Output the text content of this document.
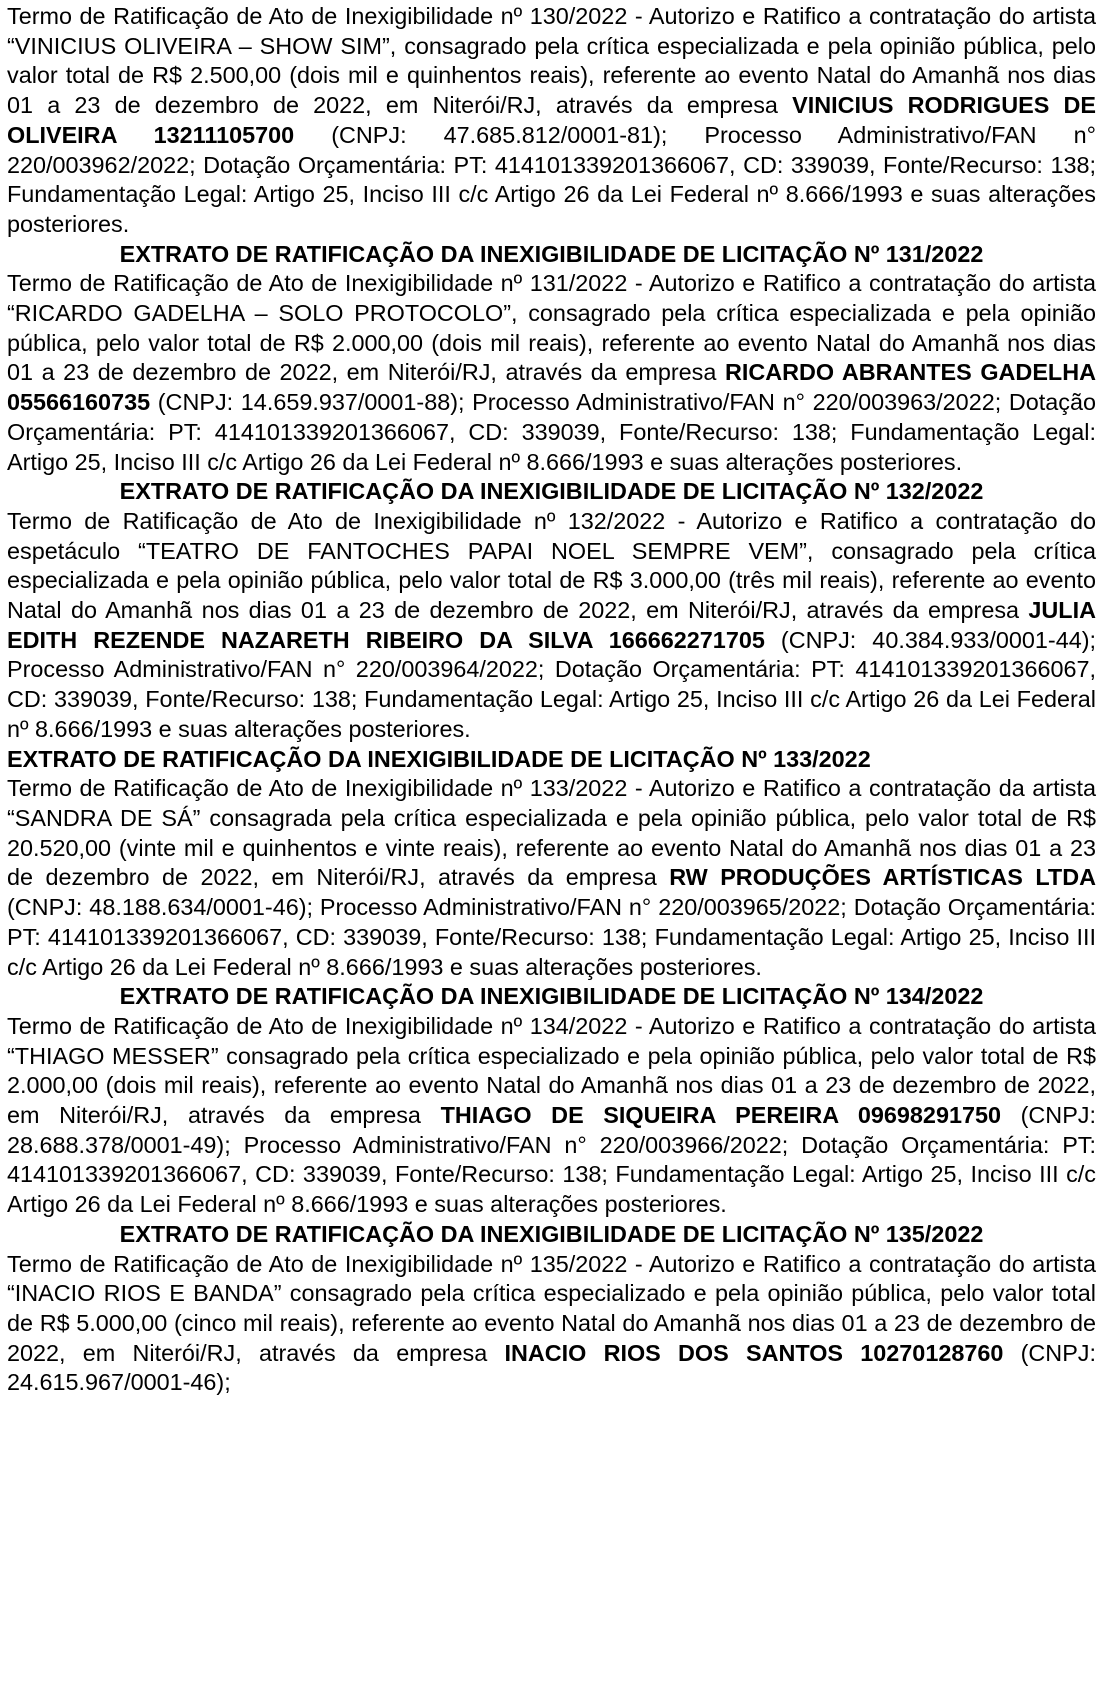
Termo de Ratificação de Ato de Inexigibilidade nº 130/2022 - Autorizo e Ratifico a contratação do artista “VINICIUS OLIVEIRA – SHOW SIM”, consagrado pela crítica especializada e pela opinião pública, pelo valor total de R$ 2.500,00 (dois mil e quinhentos reais), referente ao evento Natal do Amanhã nos dias 01 a 23 de dezembro de 2022, em Niterói/RJ, através da empresa VINICIUS RODRIGUES DE OLIVEIRA 13211105700 (CNPJ: 47.685.812/0001-81); Processo Administrativo/FAN n° 220/003962/2022; Dotação Orçamentária: PT: 414101339201366067, CD: 339039, Fonte/Recurso: 138; Fundamentação Legal: Artigo 25, Inciso III c/c Artigo 26 da Lei Federal nº 8.666/1993 e suas alterações posteriores.

EXTRATO DE RATIFICAÇÃO DA INEXIGIBILIDADE DE LICITAÇÃO Nº 131/2022

Termo de Ratificação de Ato de Inexigibilidade nº 131/2022 - Autorizo e Ratifico a contratação do artista “RICARDO GADELHA – SOLO PROTOCOLO”, consagrado pela crítica especializada e pela opinião pública, pelo valor total de R$ 2.000,00 (dois mil reais), referente ao evento Natal do Amanhã nos dias 01 a 23 de dezembro de 2022, em Niterói/RJ, através da empresa RICARDO ABRANTES GADELHA 05566160735 (CNPJ: 14.659.937/0001-88); Processo Administrativo/FAN n° 220/003963/2022; Dotação Orçamentária: PT: 414101339201366067, CD: 339039, Fonte/Recurso: 138; Fundamentação Legal: Artigo 25, Inciso III c/c Artigo 26 da Lei Federal nº 8.666/1993 e suas alterações posteriores.

EXTRATO DE RATIFICAÇÃO DA INEXIGIBILIDADE DE LICITAÇÃO Nº 132/2022

Termo de Ratificação de Ato de Inexigibilidade nº 132/2022 - Autorizo e Ratifico a contratação do espetáculo “TEATRO DE FANTOCHES PAPAI NOEL SEMPRE VEM”, consagrado pela crítica especializada e pela opinião pública, pelo valor total de R$ 3.000,00 (três mil reais), referente ao evento Natal do Amanhã nos dias 01 a 23 de dezembro de 2022, em Niterói/RJ, através da empresa JULIA EDITH REZENDE NAZARETH RIBEIRO DA SILVA 166662271705 (CNPJ: 40.384.933/0001-44); Processo Administrativo/FAN n° 220/003964/2022; Dotação Orçamentária: PT: 414101339201366067, CD: 339039, Fonte/Recurso: 138; Fundamentação Legal: Artigo 25, Inciso III c/c Artigo 26 da Lei Federal nº 8.666/1993 e suas alterações posteriores.

EXTRATO DE RATIFICAÇÃO DA INEXIGIBILIDADE DE LICITAÇÃO Nº 133/2022

Termo de Ratificação de Ato de Inexigibilidade nº 133/2022 - Autorizo e Ratifico a contratação da artista “SANDRA DE SÁ” consagrada pela crítica especializada e pela opinião pública, pelo valor total de R$ 20.520,00 (vinte mil e quinhentos e vinte reais), referente ao evento Natal do Amanhã nos dias 01 a 23 de dezembro de 2022, em Niterói/RJ, através da empresa RW PRODUÇÕES ARTÍSTICAS LTDA (CNPJ: 48.188.634/0001-46); Processo Administrativo/FAN n° 220/003965/2022; Dotação Orçamentária: PT: 414101339201366067, CD: 339039, Fonte/Recurso: 138; Fundamentação Legal: Artigo 25, Inciso III c/c Artigo 26 da Lei Federal nº 8.666/1993 e suas alterações posteriores.

EXTRATO DE RATIFICAÇÃO DA INEXIGIBILIDADE DE LICITAÇÃO Nº 134/2022

Termo de Ratificação de Ato de Inexigibilidade nº 134/2022 - Autorizo e Ratifico a contratação do artista “THIAGO MESSER” consagrado pela crítica especializado e pela opinião pública, pelo valor total de R$ 2.000,00 (dois mil reais), referente ao evento Natal do Amanhã nos dias 01 a 23 de dezembro de 2022, em Niterói/RJ, através da empresa THIAGO DE SIQUEIRA PEREIRA 09698291750 (CNPJ: 28.688.378/0001-49); Processo Administrativo/FAN n° 220/003966/2022; Dotação Orçamentária: PT: 414101339201366067, CD: 339039, Fonte/Recurso: 138; Fundamentação Legal: Artigo 25, Inciso III c/c Artigo 26 da Lei Federal nº 8.666/1993 e suas alterações posteriores.

EXTRATO DE RATIFICAÇÃO DA INEXIGIBILIDADE DE LICITAÇÃO Nº 135/2022

Termo de Ratificação de Ato de Inexigibilidade nº 135/2022 - Autorizo e Ratifico a contratação do artista “INACIO RIOS E BANDA” consagrado pela crítica especializado e pela opinião pública, pelo valor total de R$ 5.000,00 (cinco mil reais), referente ao evento Natal do Amanhã nos dias 01 a 23 de dezembro de 2022, em Niterói/RJ, através da empresa INACIO RIOS DOS SANTOS 10270128760 (CNPJ: 24.615.967/0001-46);
